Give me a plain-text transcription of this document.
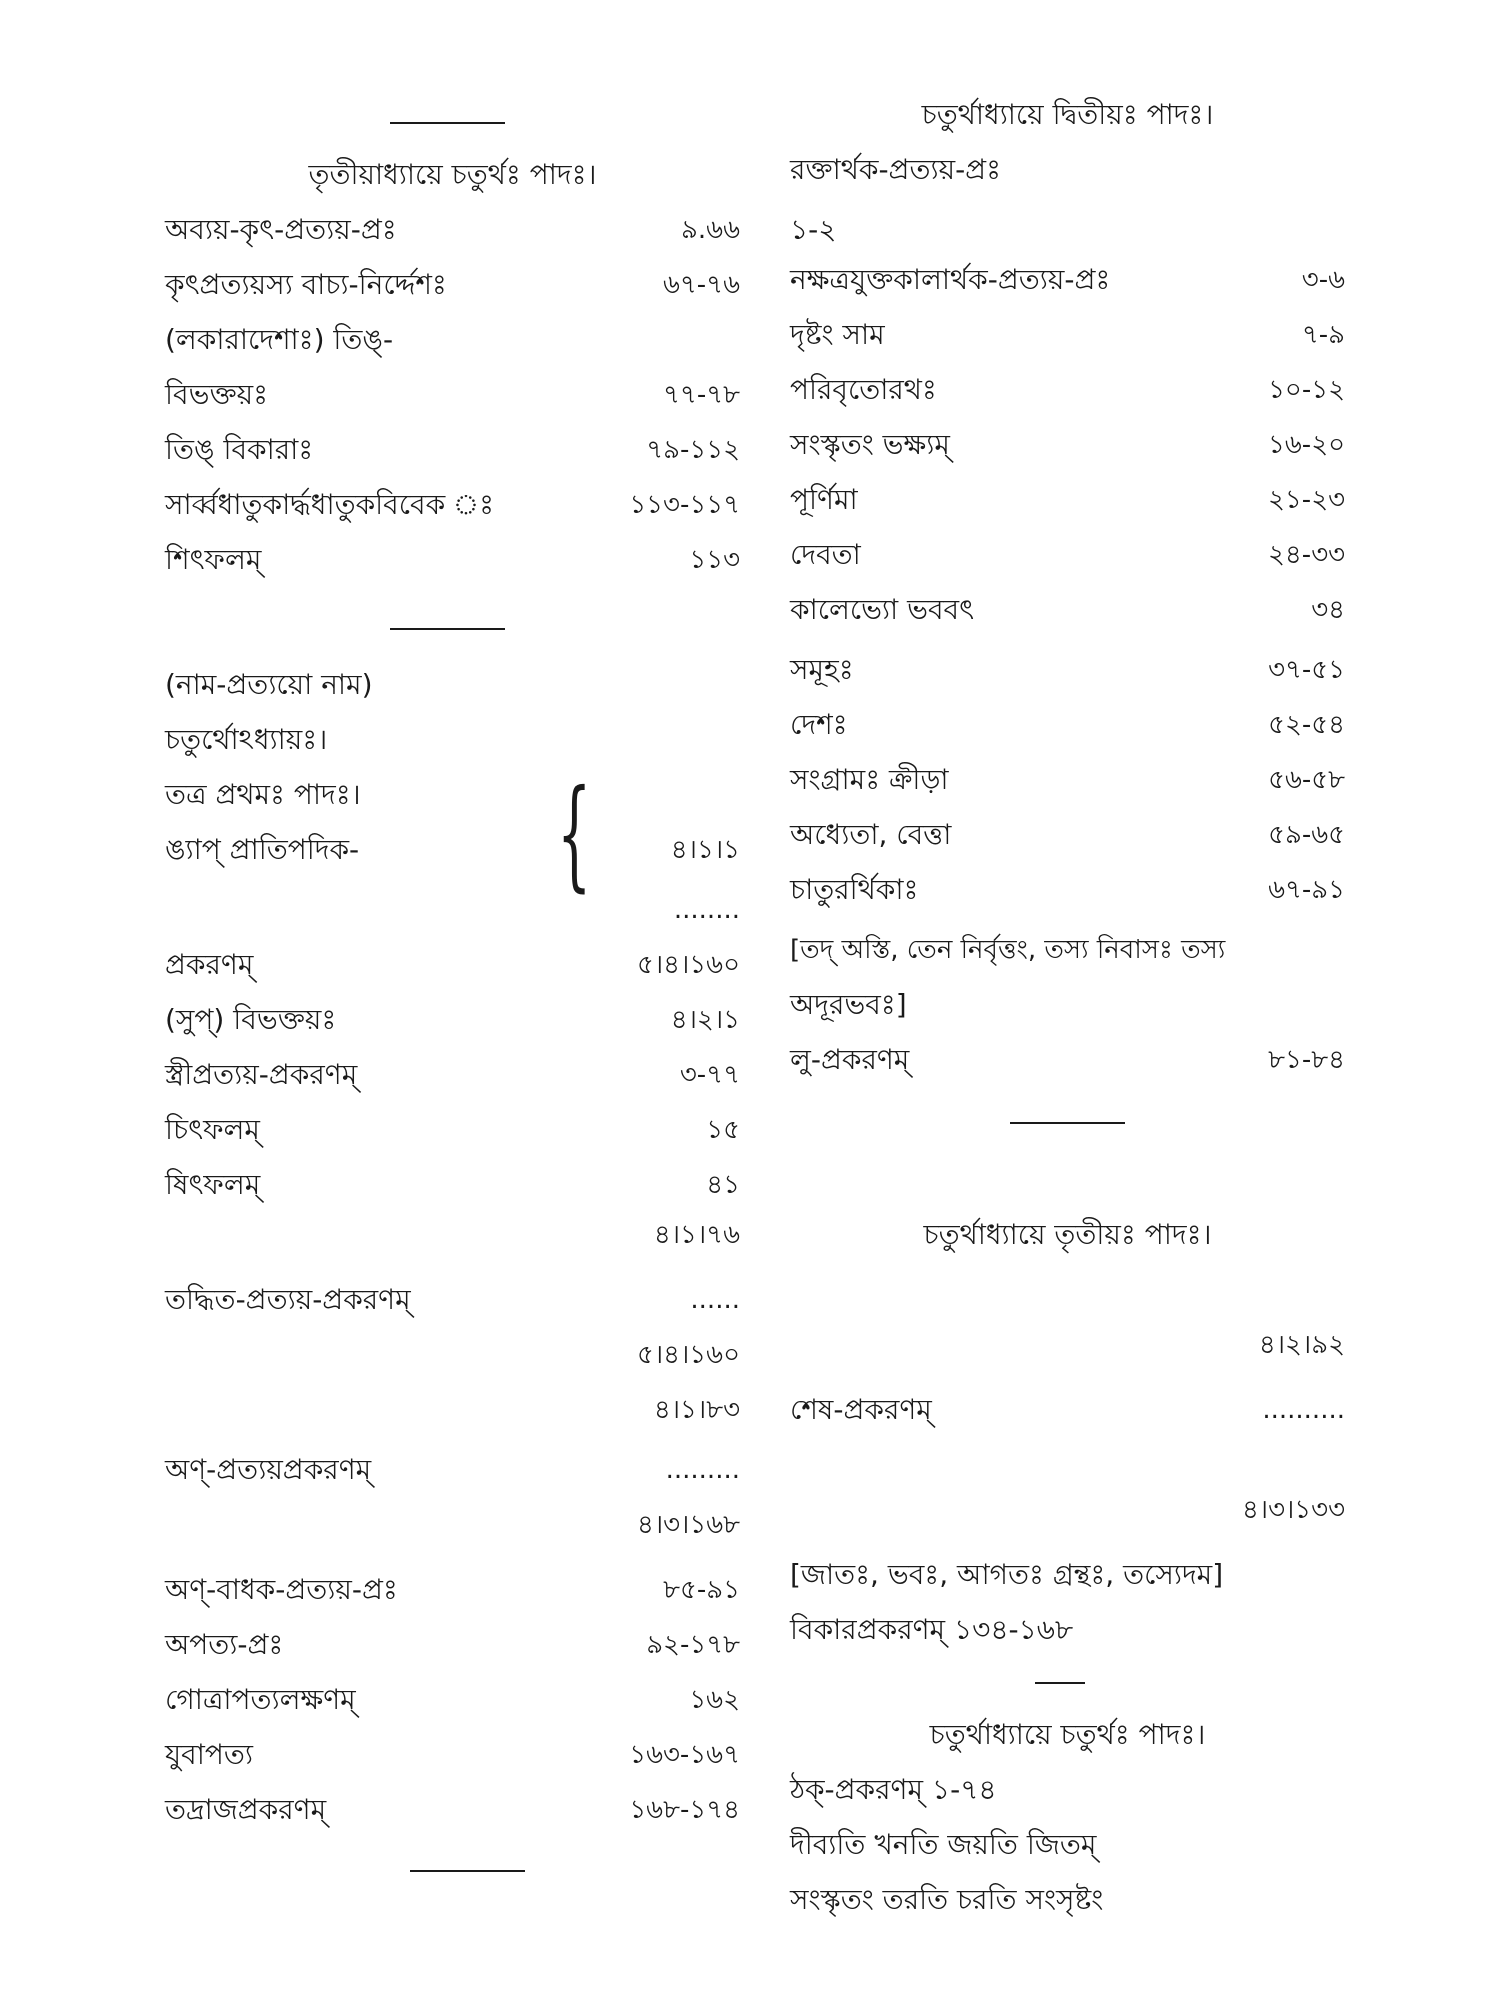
তৃতীয়াধ্যায়ে চতুর্থঃ পাদঃ।
অব্যয়-কৃৎ-প্রত্যয়-প্রঃ	৯.৬৬
কৃৎপ্রত্যয়স্য বাচ্য-নির্দ্দেশঃ	৬৭-৭৬
(লকারাদেশাঃ) তিঙ্-
বিভক্তয়ঃ	৭৭-৭৮
তিঙ্ বিকারাঃ	৭৯-১১২
সার্ব্বধাতুকার্দ্ধধাতুকবিবেক ঃ	১১৩-১১৭
শিৎফলম্	১১৩
(নাম-প্রত্যয়ো নাম)
চতুর্থোঽধ্যায়ঃ।
তত্র প্রথমঃ পাদঃ।
ঙ্যাপ্ প্রাতিপদিক-	৪।১।১
{
........
প্রকরণম্	৫।৪।১৬০
(সুপ্) বিভক্তয়ঃ	৪।২।১
স্ত্রীপ্রত্যয়-প্রকরণম্	৩-৭৭
চিৎফলম্	১৫
ষিৎফলম্	৪১
৪।১।৭৬
তদ্ধিত-প্রত্যয়-প্রকরণম্	......
৫।৪।১৬০
৪।১।৮৩
অণ্-প্রত্যয়প্রকরণম্	.........
৪।৩।১৬৮
অণ্-বাধক-প্রত্যয়-প্রঃ	৮৫-৯১
অপত্য-প্রঃ	৯২-১৭৮
গোত্রাপত্যলক্ষণম্	১৬২
যুবাপত্য	১৬৩-১৬৭
তদ্রাজপ্রকরণম্	১৬৮-১৭৪
চতুর্থাধ্যায়ে দ্বিতীয়ঃ পাদঃ।
রক্তার্থক-প্রত্যয়-প্রঃ
১-২
নক্ষত্রযুক্তকালার্থক-প্রত্যয়-প্রঃ	৩-৬
দৃষ্টং সাম	৭-৯
পরিবৃতোরথঃ	১০-১২
সংস্কৃতং ভক্ষ্যম্	১৬-২০
পূর্ণিমা	২১-২৩
দেবতা	২৪-৩৩
কালেভ্যো ভববৎ	৩৪
সমূহঃ	৩৭-৫১
দেশঃ	৫২-৫৪
সংগ্রামঃ ক্রীড়া	৫৬-৫৮
অধ্যেতা, বেত্তা	৫৯-৬৫
চাতুরর্থিকাঃ	৬৭-৯১
[তদ্ অস্তি, তেন নির্বৃত্তং, তস্য নিবাসঃ তস্য
অদূরভবঃ]
লু-প্রকরণম্	৮১-৮৪
চতুর্থাধ্যায়ে তৃতীয়ঃ পাদঃ।
৪।২।৯২
শেষ-প্রকরণম্	..........
৪।৩।১৩৩
[জাতঃ, ভবঃ, আগতঃ গ্রন্থঃ, তস্যেদম]
বিকারপ্রকরণম্ ১৩৪-১৬৮
চতুর্থাধ্যায়ে চতুর্থঃ পাদঃ।
ঠক্-প্রকরণম্ ১-৭৪
দীব্যতি খনতি জয়তি জিতম্
সংস্কৃতং তরতি চরতি সংসৃষ্টং
